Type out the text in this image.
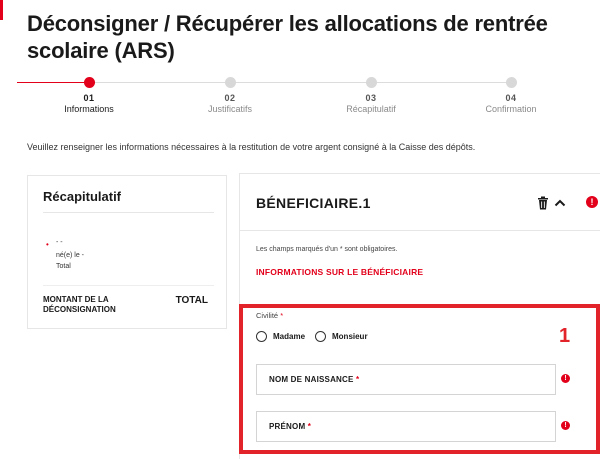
Déconsigner / Récupérer les allocations de rentrée scolaire (ARS)
01
Informations
02
Justificatifs
03
Récapitulatif
04
Confirmation

Veuillez renseigner les informations nécessaires à la restitution de votre argent consigné à la Caisse des dépôts.

Récapitulatif
• - -
né(e) le -
Total
MONTANT DE LA DÉCONSIGNATION
TOTAL
BÉNEFICIAIRE.1
Les champs marqués d'un * sont obligatoires.
INFORMATIONS SUR LE BÉNÉFICIAIRE
Civilité *
Madame	Monsieur
NOM DE NAISSANCE *	!
PRÉNOM *	!
!
1
